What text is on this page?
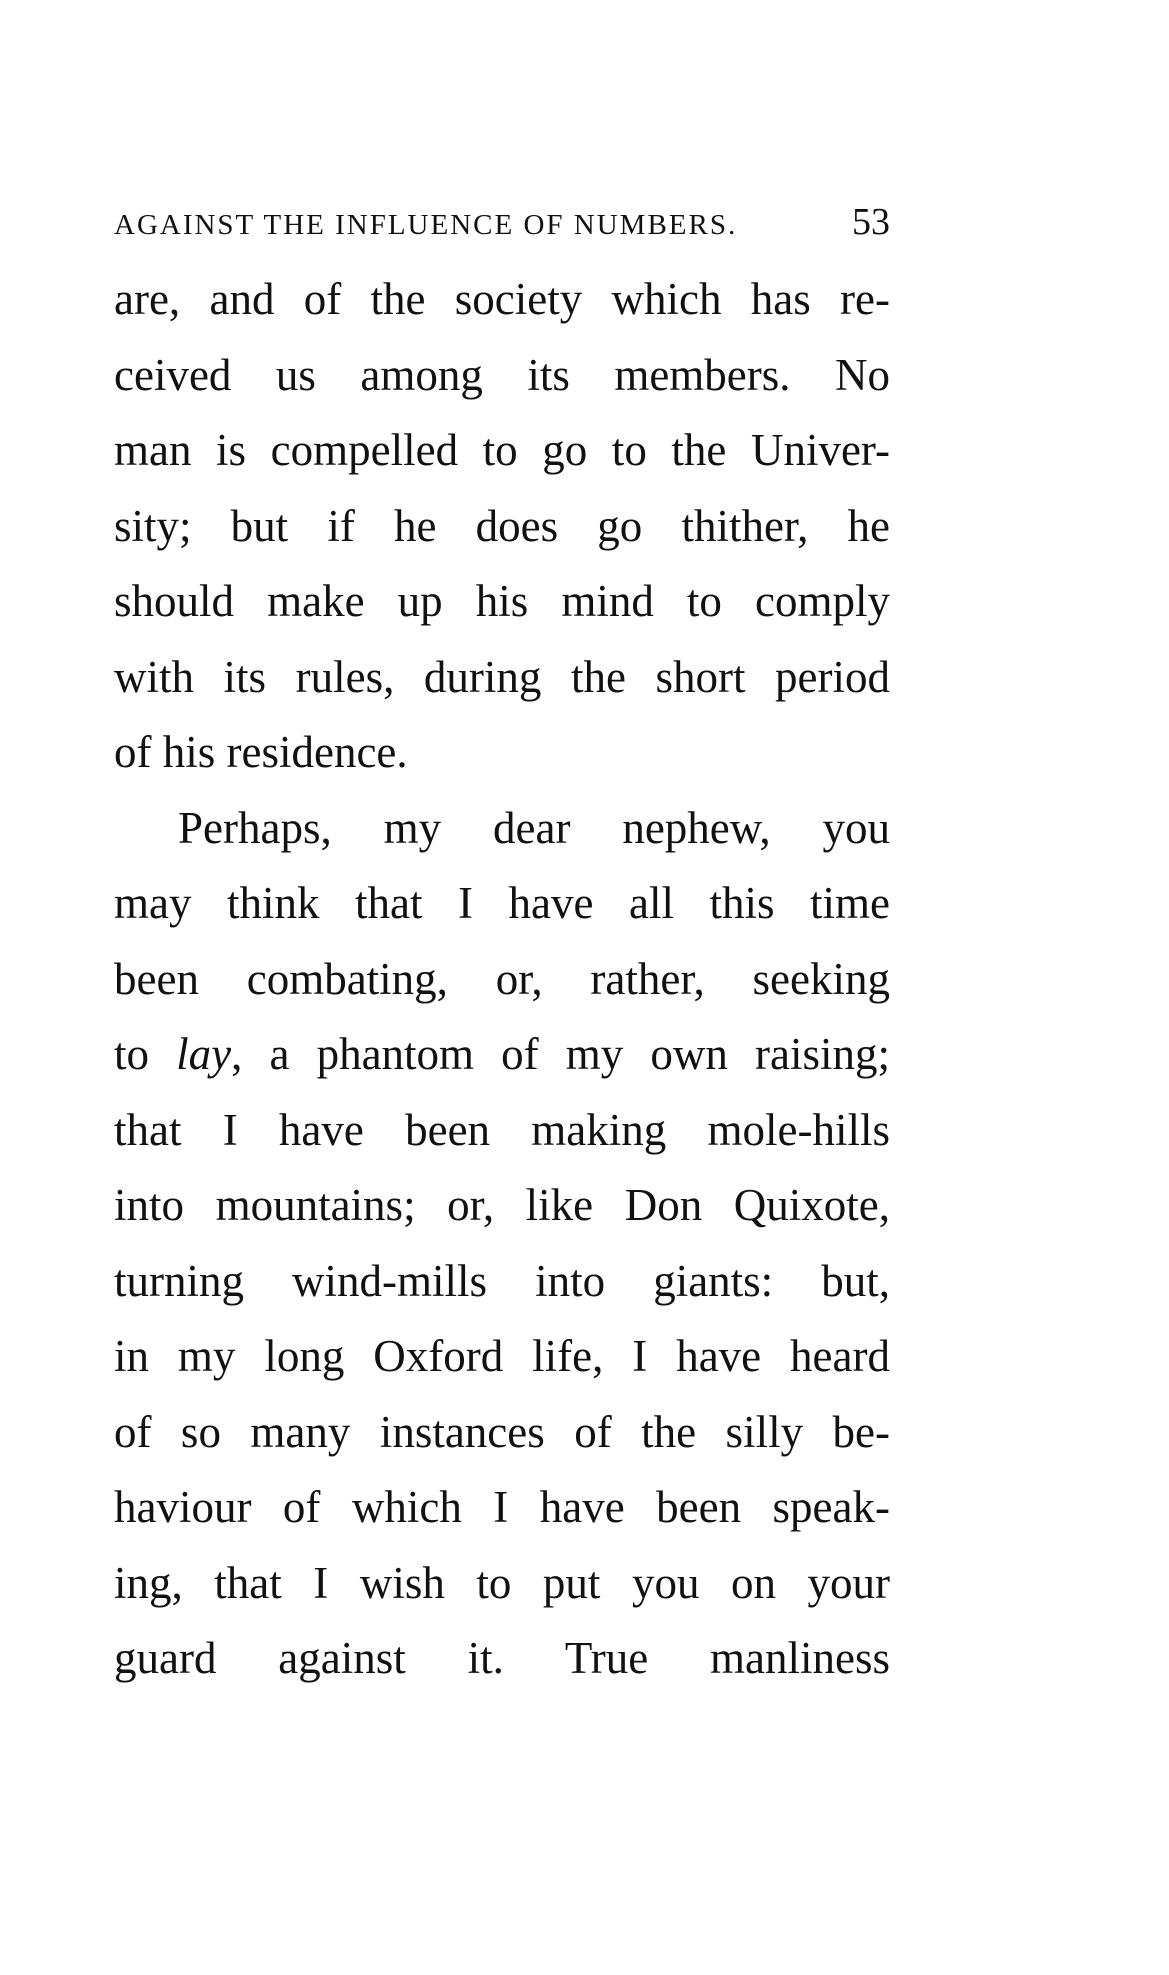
AGAINST THE INFLUENCE OF NUMBERS.	53
are, and of the society which has re-
ceived us among its members. No
man is compelled to go to the Univer-
sity; but if he does go thither, he
should make up his mind to comply
with its rules, during the short period
of his residence.
Perhaps, my dear nephew, you
may think that I have all this time
been combating, or, rather, seeking
to lay, a phantom of my own raising;
that I have been making mole-hills
into mountains; or, like Don Quixote,
turning wind-mills into giants: but,
in my long Oxford life, I have heard
of so many instances of the silly be-
haviour of which I have been speak-
ing, that I wish to put you on your
guard against it. True manliness
